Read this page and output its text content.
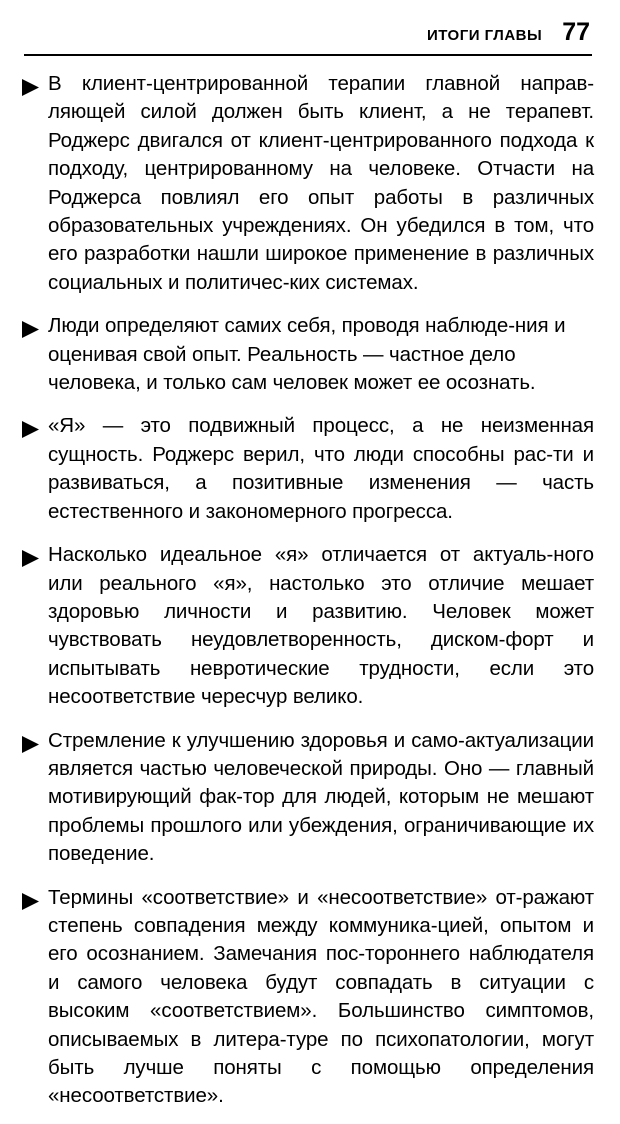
ИТОГИ ГЛАВЫ 77
В клиент-центрированной терапии главной направ-ляющей силой должен быть клиент, а не терапевт. Роджерс двигался от клиент-центрированного подхода к подходу, центрированному на человеке. Отчасти на Роджерса повлиял его опыт работы в различных образовательных учреждениях. Он убедился в том, что его разработки нашли широкое применение в различных социальных и политичес-ких системах.
Люди определяют самих себя, проводя наблюде-ния и оценивая свой опыт. Реальность — частное дело человека, и только сам человек может ее осознать.
«Я» — это подвижный процесс, а не неизменная сущность. Роджерс верил, что люди способны рас-ти и развиваться, а позитивные изменения — часть естественного и закономерного прогресса.
Насколько идеальное «я» отличается от актуаль-ного или реального «я», настолько это отличие мешает здоровью личности и развитию. Человек может чувствовать неудовлетворенность, диском-форт и испытывать невротические трудности, если это несоответствие чересчур велико.
Стремление к улучшению здоровья и само-актуализации является частью человеческой природы. Оно — главный мотивирующий фак-тор для людей, которым не мешают проблемы прошлого или убеждения, ограничивающие их поведение.
Термины «соответствие» и «несоответствие» от-ражают степень совпадения между коммуника-цией, опытом и его осознанием. Замечания пос-тороннего наблюдателя и самого человека будут совпадать в ситуации с высоким «соответствием». Большинство симптомов, описываемых в литера-туре по психопатологии, могут быть лучше поняты с помощью определения «несоответствие».
